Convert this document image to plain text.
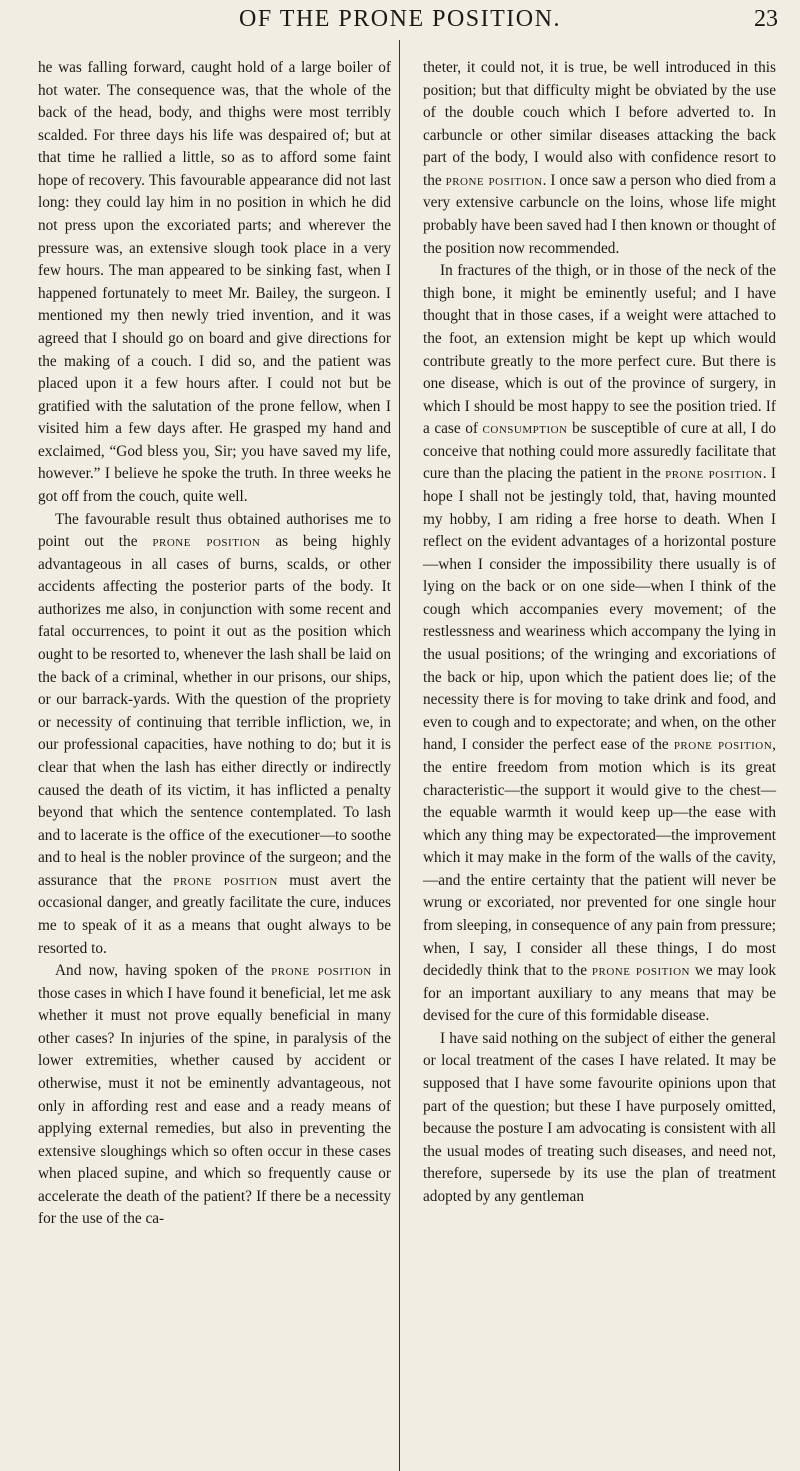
OF THE PRONE POSITION.	23

he was falling forward, caught hold of a large boiler of hot water. The consequence was, that the whole of the back of the head, body, and thighs were most terribly scalded. For three days his life was despaired of; but at that time he rallied a little, so as to afford some faint hope of recovery. This favourable appearance did not last long: they could lay him in no position in which he did not press upon the excoriated parts; and wherever the pressure was, an extensive slough took place in a very few hours. The man appeared to be sinking fast, when I happened fortunately to meet Mr. Bailey, the surgeon. I mentioned my then newly tried invention, and it was agreed that I should go on board and give directions for the making of a couch. I did so, and the patient was placed upon it a few hours after. I could not but be gratified with the salutation of the prone fellow, when I visited him a few days after. He grasped my hand and exclaimed, “God bless you, Sir; you have saved my life, however.” I believe he spoke the truth. In three weeks he got off from the couch, quite well.

The favourable result thus obtained authorises me to point out the prone position as being highly advantageous in all cases of burns, scalds, or other accidents affecting the posterior parts of the body. It authorizes me also, in conjunction with some recent and fatal occurrences, to point it out as the position which ought to be resorted to, whenever the lash shall be laid on the back of a criminal, whether in our prisons, our ships, or our barrack-yards. With the question of the propriety or necessity of continuing that terrible infliction, we, in our professional capacities, have nothing to do; but it is clear that when the lash has either directly or indirectly caused the death of its victim, it has inflicted a penalty beyond that which the sentence contemplated. To lash and to lacerate is the office of the executioner—to soothe and to heal is the nobler province of the surgeon; and the assurance that the prone position must avert the occasional danger, and greatly facilitate the cure, induces me to speak of it as a means that ought always to be resorted to.

And now, having spoken of the prone position in those cases in which I have found it beneficial, let me ask whether it must not prove equally beneficial in many other cases? In injuries of the spine, in paralysis of the lower extremities, whether caused by accident or otherwise, must it not be eminently advantageous, not only in affording rest and ease and a ready means of applying external remedies, but also in preventing the extensive sloughings which so often occur in these cases when placed supine, and which so frequently cause or accelerate the death of the patient? If there be a necessity for the use of the ca-

theter, it could not, it is true, be well introduced in this position; but that difficulty might be obviated by the use of the double couch which I before adverted to. In carbuncle or other similar diseases attacking the back part of the body, I would also with confidence resort to the prone position. I once saw a person who died from a very extensive carbuncle on the loins, whose life might probably have been saved had I then known or thought of the position now recommended.

In fractures of the thigh, or in those of the neck of the thigh bone, it might be eminently useful; and I have thought that in those cases, if a weight were attached to the foot, an extension might be kept up which would contribute greatly to the more perfect cure. But there is one disease, which is out of the province of surgery, in which I should be most happy to see the position tried. If a case of consumption be susceptible of cure at all, I do conceive that nothing could more assuredly facilitate that cure than the placing the patient in the prone position. I hope I shall not be jestingly told, that, having mounted my hobby, I am riding a free horse to death. When I reflect on the evident advantages of a horizontal posture—when I consider the impossibility there usually is of lying on the back or on one side—when I think of the cough which accompanies every movement; of the restlessness and weariness which accompany the lying in the usual positions; of the wringing and excoriations of the back or hip, upon which the patient does lie; of the necessity there is for moving to take drink and food, and even to cough and to expectorate; and when, on the other hand, I consider the perfect ease of the prone position, the entire freedom from motion which is its great characteristic—the support it would give to the chest—the equable warmth it would keep up—the ease with which any thing may be expectorated—the improvement which it may make in the form of the walls of the cavity,—and the entire certainty that the patient will never be wrung or excoriated, nor prevented for one single hour from sleeping, in consequence of any pain from pressure; when, I say, I consider all these things, I do most decidedly think that to the prone position we may look for an important auxiliary to any means that may be devised for the cure of this formidable disease.

I have said nothing on the subject of either the general or local treatment of the cases I have related. It may be supposed that I have some favourite opinions upon that part of the question; but these I have purposely omitted, because the posture I am advocating is consistent with all the usual modes of treating such diseases, and need not, therefore, supersede by its use the plan of treatment adopted by any gentleman
